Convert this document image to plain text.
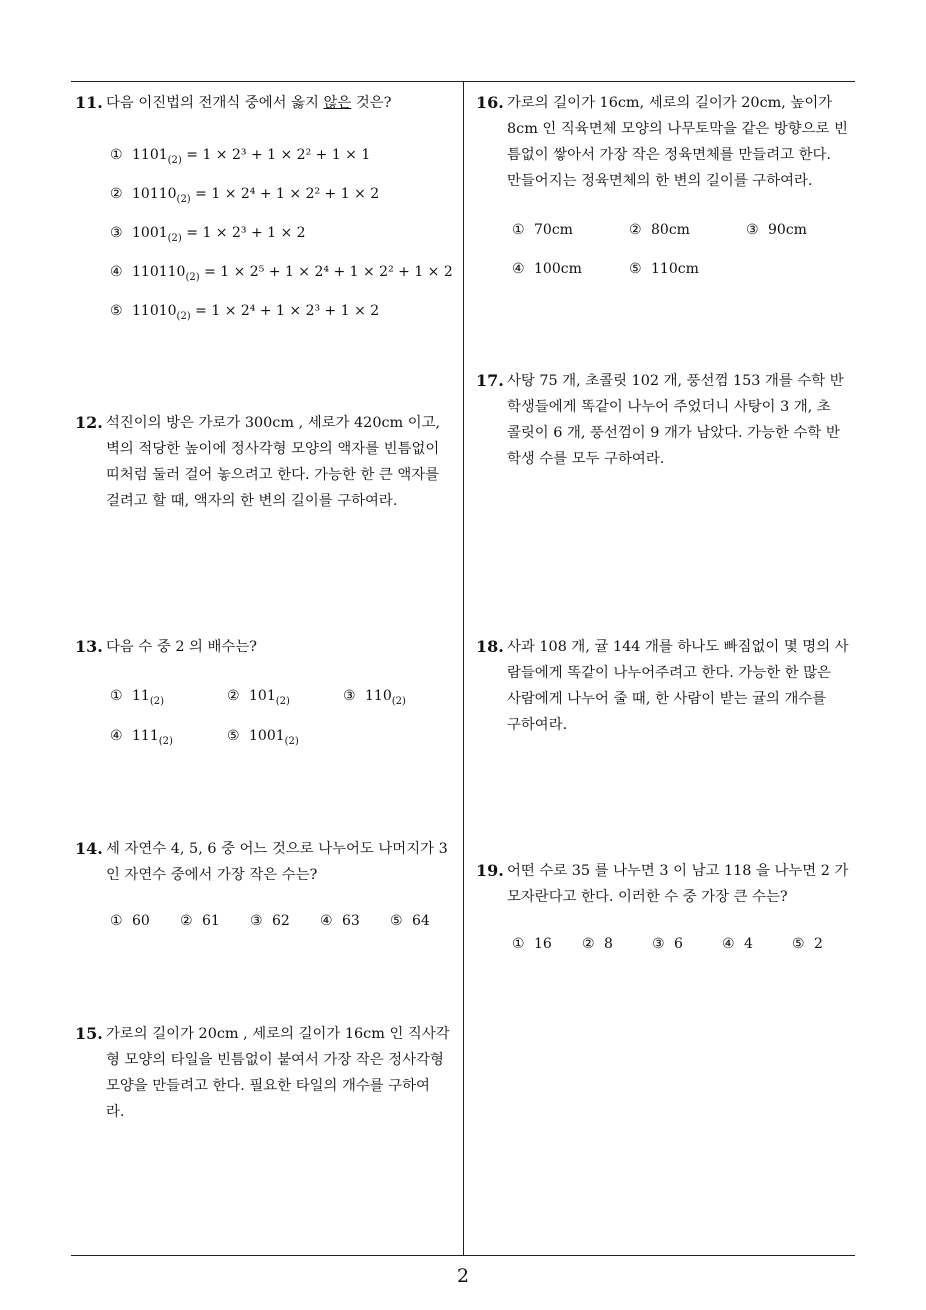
2
11. 다음 이진법의 전개식 중에서 옳지 않은 것은?
① $1101_{(2)} = 1 \times 2^3 + 1 \times 2^2 + 1 \times 1$
② $10110_{(2)} = 1 \times 2^4 + 1 \times 2^2 + 1 \times 2$
③ $1001_{(2)} = 1 \times 2^3 + 1 \times 2$
④ $110110_{(2)} = 1 \times 2^5 + 1 \times 2^4 + 1 \times 2^2 + 1 \times 2$
⑤ $11010_{(2)} = 1 \times 2^4 + 1 \times 2^3 + 1 \times 2$
12. 석진이의 방은 가로가 300cm , 세로가 420cm 이고,
벽의 적당한 높이에 정사각형 모양의 액자를 빈틈없이
띠처럼 둘러 걸어 놓으려고 한다. 가능한 한 큰 액자를
걸려고 할 때, 액자의 한 변의 길이를 구하여라.
13. 다음 수 중 2 의 배수는?
① $11_{(2)}$	② $101_{(2)}$	③ $110_{(2)}$
④ $111_{(2)}$	⑤ $1001_{(2)}$
14. 세 자연수 4, 5, 6 중 어느 것으로 나누어도 나머지가 3
인 자연수 중에서 가장 작은 수는?
① 60 ② 61 ③ 62 ④ 63 ⑤ 64
15. 가로의 길이가 20cm , 세로의 길이가 16cm 인 직사각
형 모양의 타일을 빈틈없이 붙여서 가장 작은 정사각형
모양을 만들려고 한다. 필요한 타일의 개수를 구하여
라.
16. 가로의 길이가 16cm, 세로의 길이가 20cm, 높이가
8cm 인 직육면체 모양의 나무토막을 같은 방향으로 빈
틈없이 쌓아서 가장 작은 정육면체를 만들려고 한다.
만들어지는 정육면체의 한 변의 길이를 구하여라.
① 70cm	② 80cm	③ 90cm
④ 100cm	⑤ 110cm
17. 사탕 75 개, 초콜릿 102 개, 풍선껌 153 개를 수학 반
학생들에게 똑같이 나누어 주었더니 사탕이 3 개, 초
콜릿이 6 개, 풍선껌이 9 개가 남았다. 가능한 수학 반
학생 수를 모두 구하여라.
18. 사과 108 개, 귤 144 개를 하나도 빠짐없이 몇 명의 사
람들에게 똑같이 나누어주려고 한다. 가능한 한 많은
사람에게 나누어 줄 때, 한 사람이 받는 귤의 개수를
구하여라.
19. 어떤 수로 35 를 나누면 3 이 남고 118 을 나누면 2 가
모자란다고 한다. 이러한 수 중 가장 큰 수는?
① 16 ② 8	③ 6	④ 4	⑤ 2
